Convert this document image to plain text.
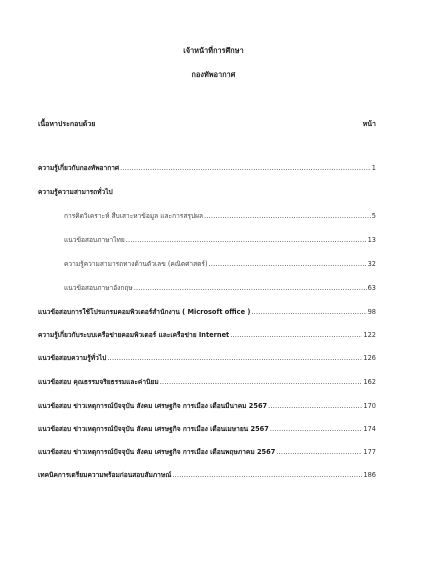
เจ้าหน้าที่การศึกษา
กองทัพอากาศ
เนื้อหาประกอบด้วย	หน้า
ความรู้เกี่ยวกับกองทัพอากาศ .....	1
ความรู้ความสามารถทั่วไป
การคิดวิเคราะห์ สืบเสาะหาข้อมูล และการสรุปผล .....	5
แนวข้อสอบภาษาไทย .....	13
ความรู้ความสามารถทางด้านตัวเลข (คณิตศาสตร์) .....	32
แนวข้อสอบภาษาอังกฤษ .....	63
แนวข้อสอบการใช้โปรแกรมคอมพิวเตอร์สำนักงาน ( Microsoft office ) .....	98
ความรู้เกี่ยวกับระบบเครือข่ายคอมพิวเตอร์ และเครือข่าย Internet .....	122
แนวข้อสอบความรู้ทั่วไป .....	126
แนวข้อสอบ คุณธรรมจริยธรรมและค่านิยม .....	162
แนวข้อสอบ ข่าวเหตุการณ์ปัจจุบัน สังคม เศรษฐกิจ การเมือง เดือนมีนาคม 2567 .....	170
แนวข้อสอบ ข่าวเหตุการณ์ปัจจุบัน สังคม เศรษฐกิจ การเมือง เดือนเมษายน 2567 .....	174
แนวข้อสอบ ข่าวเหตุการณ์ปัจจุบัน สังคม เศรษฐกิจ การเมือง เดือนพฤษภาคม 2567 .....	177
เทคนิคการเตรียมความพร้อมก่อนสอบสัมภาษณ์ .....	186
